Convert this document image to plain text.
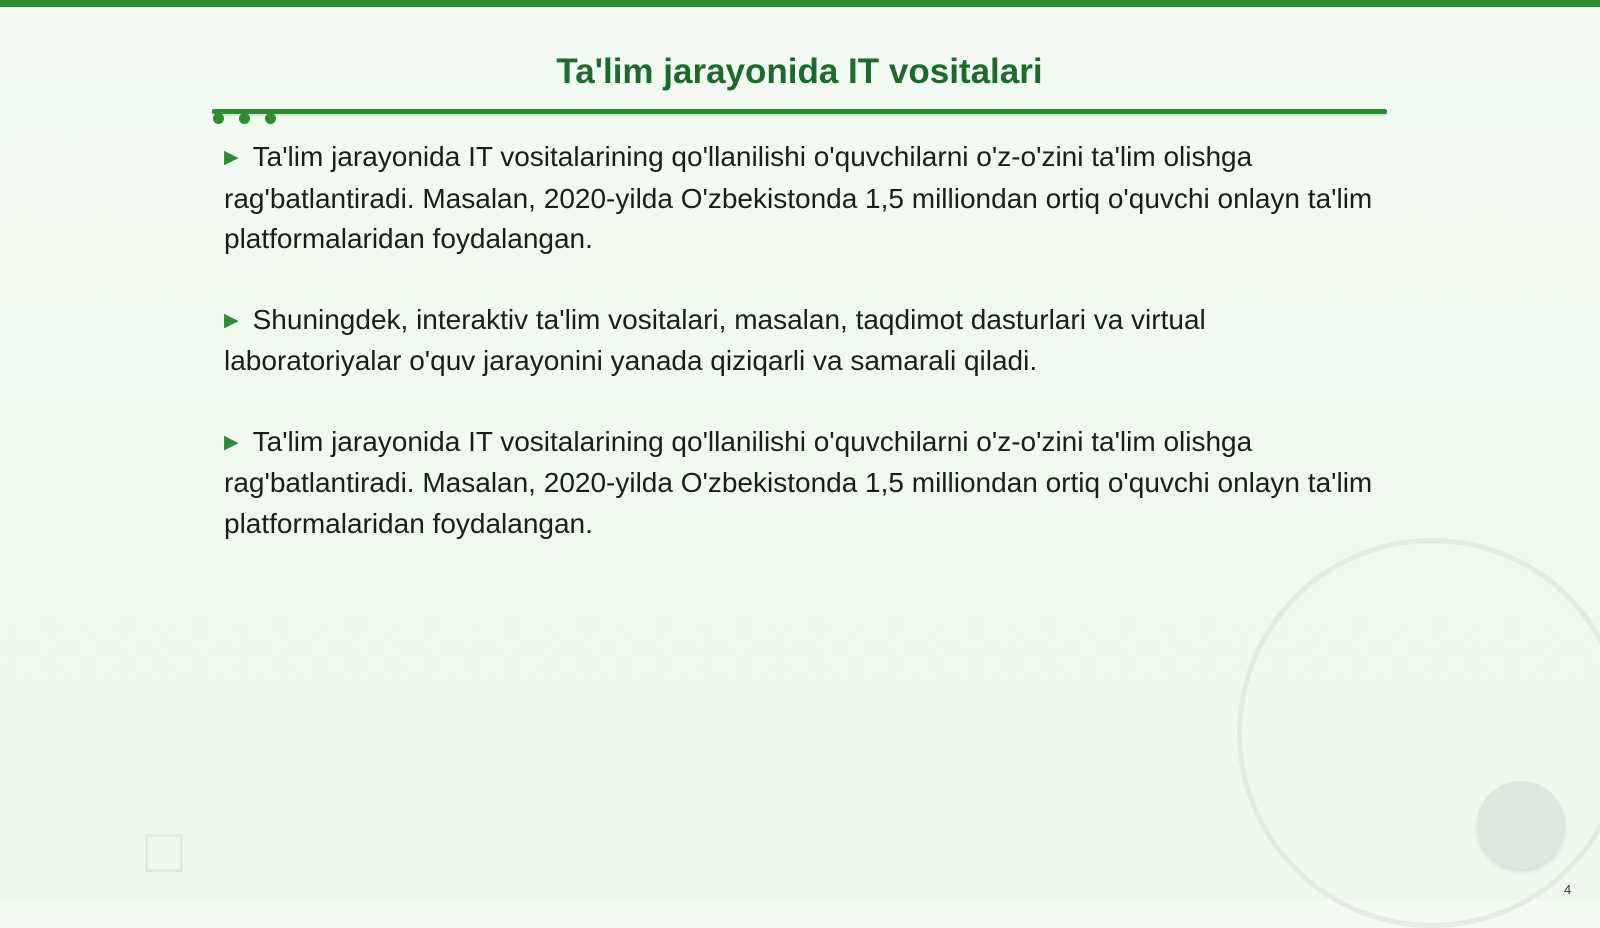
Ta'lim jarayonida IT vositalari

▶ Ta'lim jarayonida IT vositalarining qo'llanilishi o'quvchilarni o'z-o'zini ta'lim olishga rag'batlantiradi. Masalan, 2020-yilda O'zbekistonda 1,5 milliondan ortiq o'quvchi onlayn ta'lim platformalaridan foydalangan.

▶ Shuningdek, interaktiv ta'lim vositalari, masalan, taqdimot dasturlari va virtual laboratoriyalar o'quv jarayonini yanada qiziqarli va samarali qiladi.

▶ Ta'lim jarayonida IT vositalarining qo'llanilishi o'quvchilarni o'z-o'zini ta'lim olishga rag'batlantiradi. Masalan, 2020-yilda O'zbekistonda 1,5 milliondan ortiq o'quvchi onlayn ta'lim platformalaridan foydalangan.

4
